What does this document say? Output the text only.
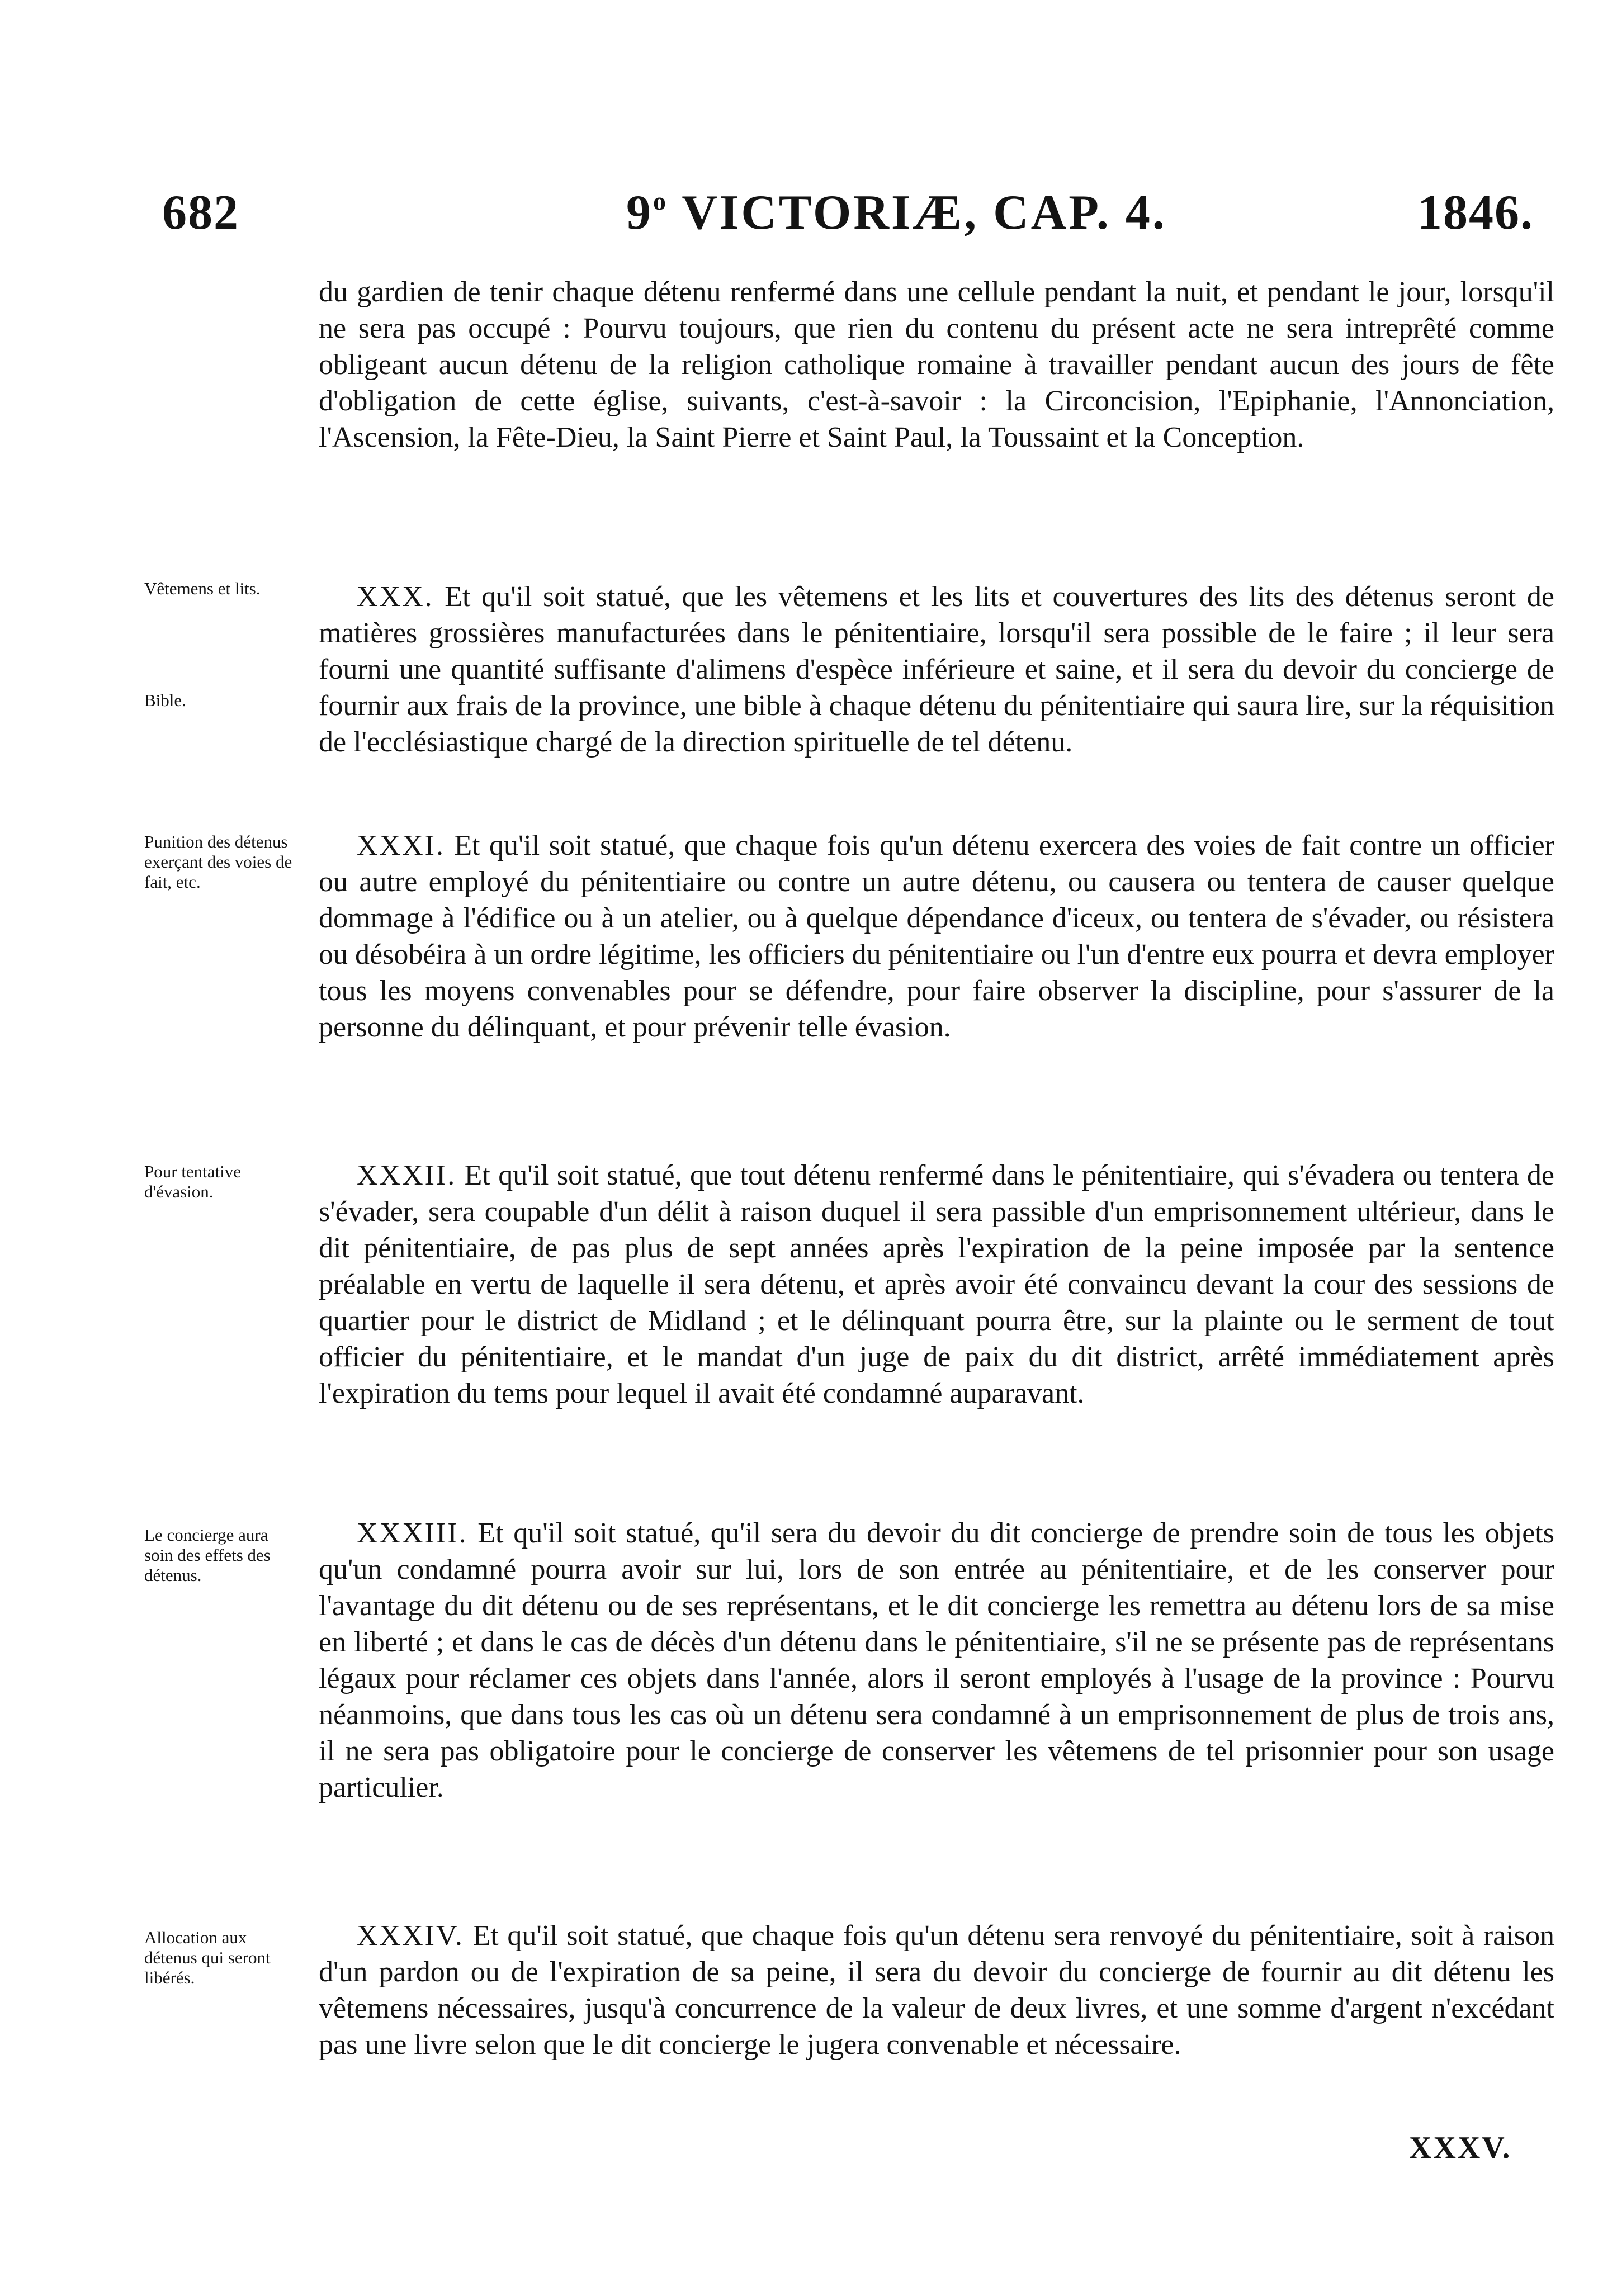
682	9$^o$ VICTORIÆ, CAP. 4.	1846.
du gardien de tenir chaque détenu renfermé dans une cellule pendant la nuit, et pendant le jour, lorsqu'il ne sera pas occupé : Pourvu toujours, que rien du contenu du présent acte ne sera intreprêté comme obligeant aucun détenu de la religion catholique romaine à travailler pendant aucun des jours de fête d'obligation de cette église, suivants, c'est-à-savoir : la Circoncision, l'Epiphanie, l'Annonciation, l'Ascension, la Fête-Dieu, la Saint Pierre et Saint Paul, la Toussaint et la Conception.
Vêtemens et lits.
Bible.
XXX. Et qu'il soit statué, que les vêtemens et les lits et couvertures des lits des détenus seront de matières grossières manufacturées dans le pénitentiaire, lorsqu'il sera possible de le faire ; il leur sera fourni une quantité suffisante d'alimens d'espèce inférieure et saine, et il sera du devoir du concierge de fournir aux frais de la province, une bible à chaque détenu du pénitentiaire qui saura lire, sur la réquisition de l'ecclésiastique chargé de la direction spirituelle de tel détenu.
Punition des détenus exerçant des voies de fait, etc.
XXXI. Et qu'il soit statué, que chaque fois qu'un détenu exercera des voies de fait contre un officier ou autre employé du pénitentiaire ou contre un autre détenu, ou causera ou tentera de causer quelque dommage à l'édifice ou à un atelier, ou à quelque dépendance d'iceux, ou tentera de s'évader, ou résistera ou désobéira à un ordre légitime, les officiers du pénitentiaire ou l'un d'entre eux pourra et devra employer tous les moyens convenables pour se défendre, pour faire observer la discipline, pour s'assurer de la personne du délinquant, et pour prévenir telle évasion.
Pour tentative d'évasion.
XXXII. Et qu'il soit statué, que tout détenu renfermé dans le pénitentiaire, qui s'évadera ou tentera de s'évader, sera coupable d'un délit à raison duquel il sera passible d'un emprisonnement ultérieur, dans le dit pénitentiaire, de pas plus de sept années après l'expiration de la peine imposée par la sentence préalable en vertu de laquelle il sera détenu, et après avoir été convaincu devant la cour des sessions de quartier pour le district de Midland ; et le délinquant pourra être, sur la plainte ou le serment de tout officier du pénitentiaire, et le mandat d'un juge de paix du dit district, arrêté immédiatement après l'expiration du tems pour lequel il avait été condamné auparavant.
Le concierge aura soin des effets des détenus.
XXXIII. Et qu'il soit statué, qu'il sera du devoir du dit concierge de prendre soin de tous les objets qu'un condamné pourra avoir sur lui, lors de son entrée au pénitentiaire, et de les conserver pour l'avantage du dit détenu ou de ses représentans, et le dit concierge les remettra au détenu lors de sa mise en liberté ; et dans le cas de décès d'un détenu dans le pénitentiaire, s'il ne se présente pas de représentans légaux pour réclamer ces objets dans l'année, alors il seront employés à l'usage de la province : Pourvu néanmoins, que dans tous les cas où un détenu sera condamné à un emprisonnement de plus de trois ans, il ne sera pas obligatoire pour le concierge de conserver les vêtemens de tel prisonnier pour son usage particulier.
Allocation aux détenus qui seront libérés.
XXXIV. Et qu'il soit statué, que chaque fois qu'un détenu sera renvoyé du pénitentiaire, soit à raison d'un pardon ou de l'expiration de sa peine, il sera du devoir du concierge de fournir au dit détenu les vêtemens nécessaires, jusqu'à concurrence de la valeur de deux livres, et une somme d'argent n'excédant pas une livre selon que le dit concierge le jugera convenable et nécessaire.
XXXV.
